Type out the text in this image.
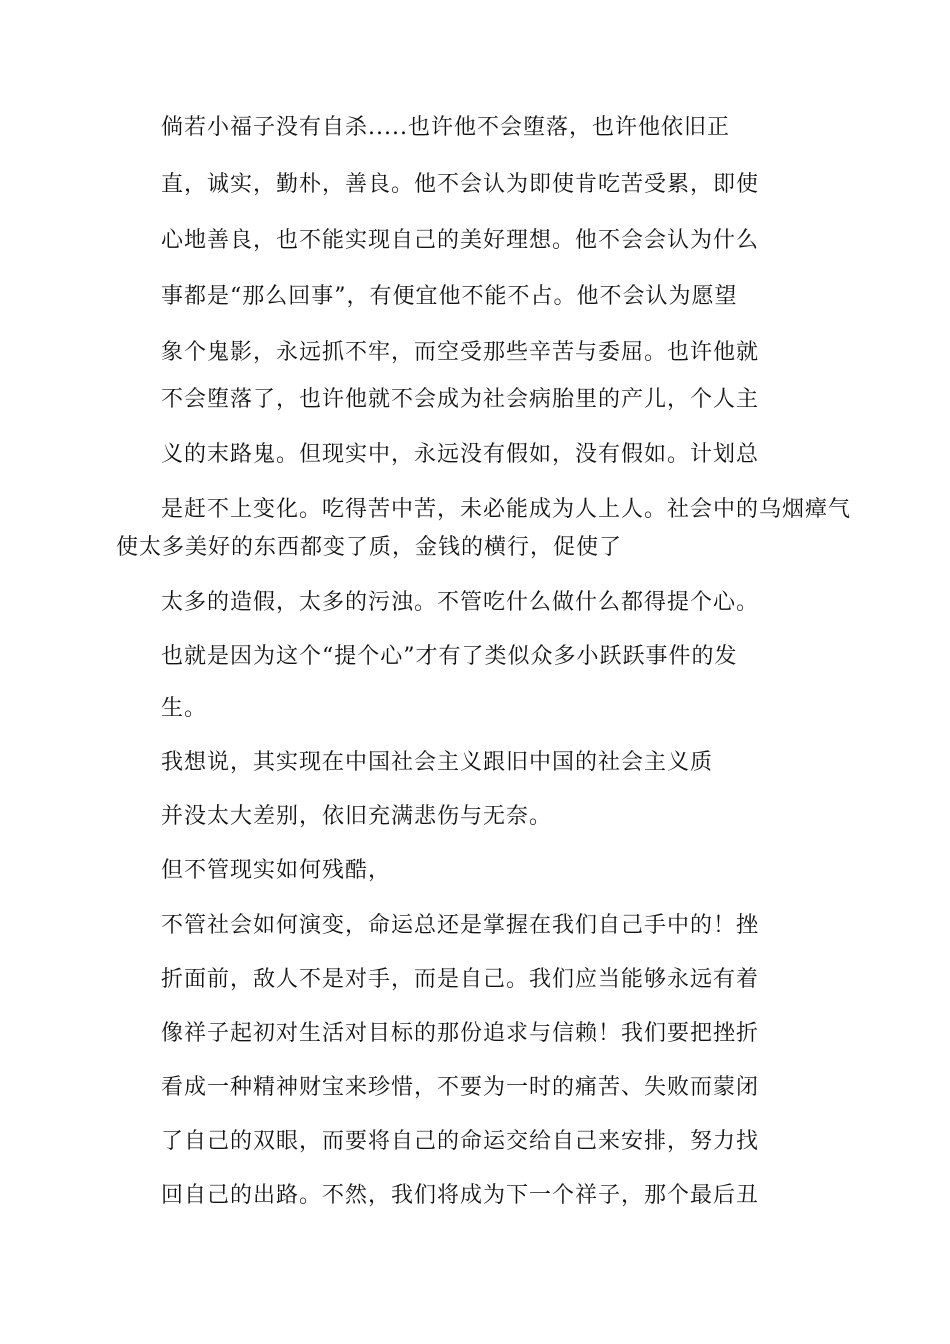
倘若小福子没有自杀.....也许他不会堕落，也许他依旧正
直，诚实，勤朴，善良。他不会认为即使肯吃苦受累，即使
心地善良，也不能实现自己的美好理想。他不会会认为什么
事都是“那么回事”，有便宜他不能不占。他不会认为愿望
象个鬼影，永远抓不牢，而空受那些辛苦与委屈。也许他就
不会堕落了，也许他就不会成为社会病胎里的产儿，个人主
义的末路鬼。但现实中，永远没有假如，没有假如。计划总
是赶不上变化。吃得苦中苦，未必能成为人上人。社会中的乌烟瘴气
使太多美好的东西都变了质，金钱的横行，促使了
太多的造假，太多的污浊。不管吃什么做什么都得提个心。
也就是因为这个“提个心”才有了类似众多小跃跃事件的发
生。
我想说，其实现在中国社会主义跟旧中国的社会主义质
并没太大差别，依旧充满悲伤与无奈。
但不管现实如何残酷，
不管社会如何演变，命运总还是掌握在我们自己手中的！挫
折面前，敌人不是对手，而是自己。我们应当能够永远有着
像祥子起初对生活对目标的那份追求与信赖！我们要把挫折
看成一种精神财宝来珍惜，不要为一时的痛苦、失败而蒙闭
了自己的双眼，而要将自己的命运交给自己来安排，努力找
回自己的出路。不然，我们将成为下一个祥子，那个最后丑
